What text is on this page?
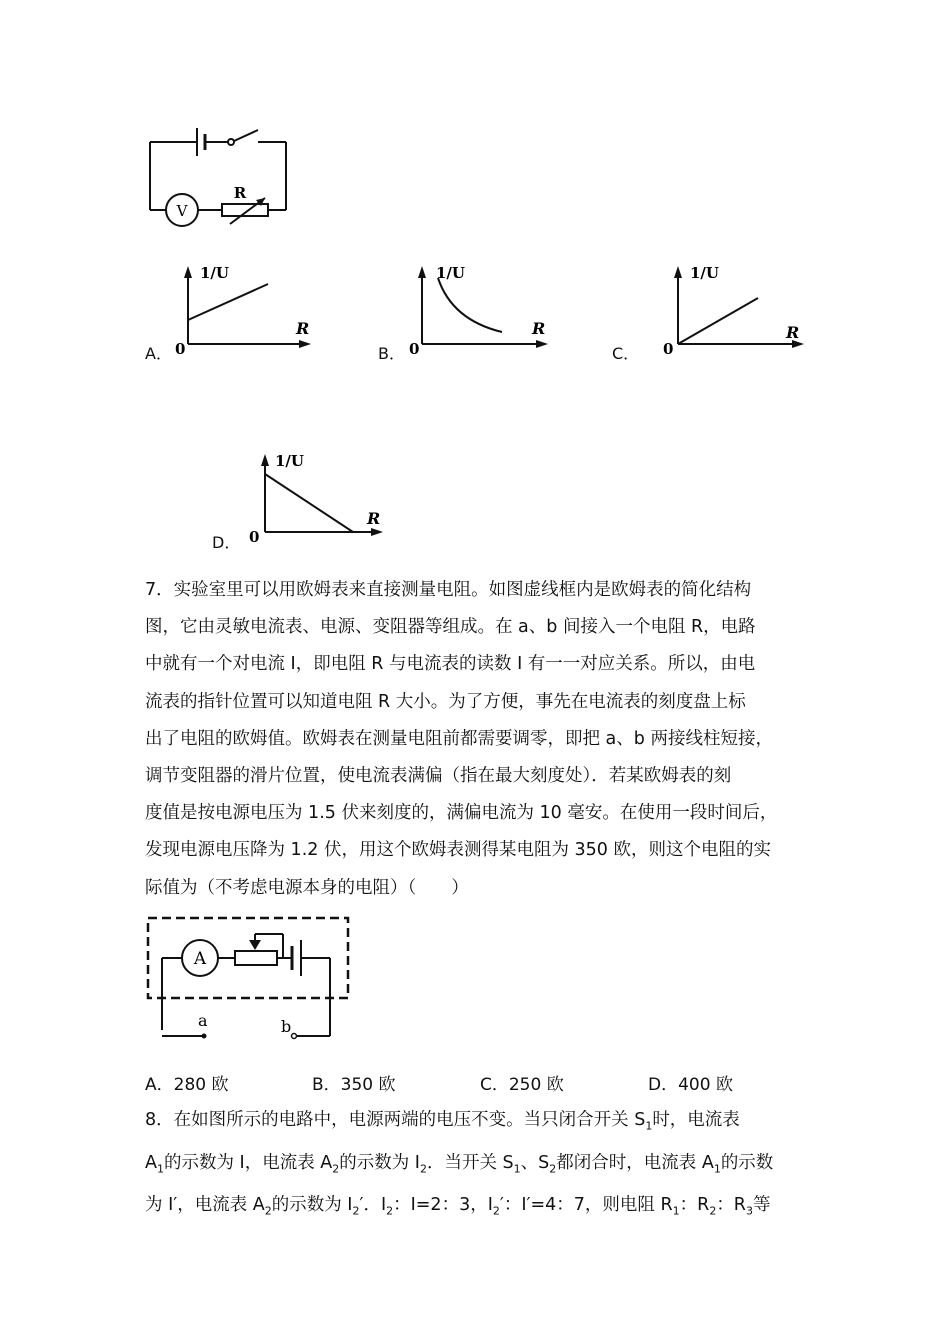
V
R
A．
1/U
R
0	B．
1/U
R
0	C．
1/U
R
0
D．
1/U
R
0
7．实验室里可以用欧姆表来直接测量电阻。如图虚线框内是欧姆表的简化结构
图，它由灵敏电流表、电源、变阻器等组成。在 a、b 间接入一个电阻 R，电路
中就有一个对电流 I，即电阻 R 与电流表的读数 I 有一一对应关系。所以，由电
流表的指针位置可以知道电阻 R 大小。为了方便，事先在电流表的刻度盘上标
出了电阻的欧姆值。欧姆表在测量电阻前都需要调零，即把 a、b 两接线柱短接，
调节变阻器的滑片位置，使电流表满偏（指在最大刻度处）．若某欧姆表的刻
度值是按电源电压为 1.5 伏来刻度的，满偏电流为 10 毫安。在使用一段时间后，
发现电源电压降为 1.2 伏，用这个欧姆表测得某电阻为 350 欧，则这个电阻的实
际值为（不考虑电源本身的电阻）（　　）
A
a	b
A．280 欧	B．350 欧	C．250 欧	D．400 欧
8．在如图所示的电路中，电源两端的电压不变。当只闭合开关 $S_1$时，电流表
$A_1$的示数为 I，电流表 $A_2$的示数为 $I_2$．当开关 $S_1$、$S_2$都闭合时，电流表 $A_1$的示数
为 I′，电流表 $A_2$的示数为 $I_2'$．$I_2$：I=2：3，$I_2'$：I′=4：7，则电阻 $R_1$：$R_2$：$R_3$等
